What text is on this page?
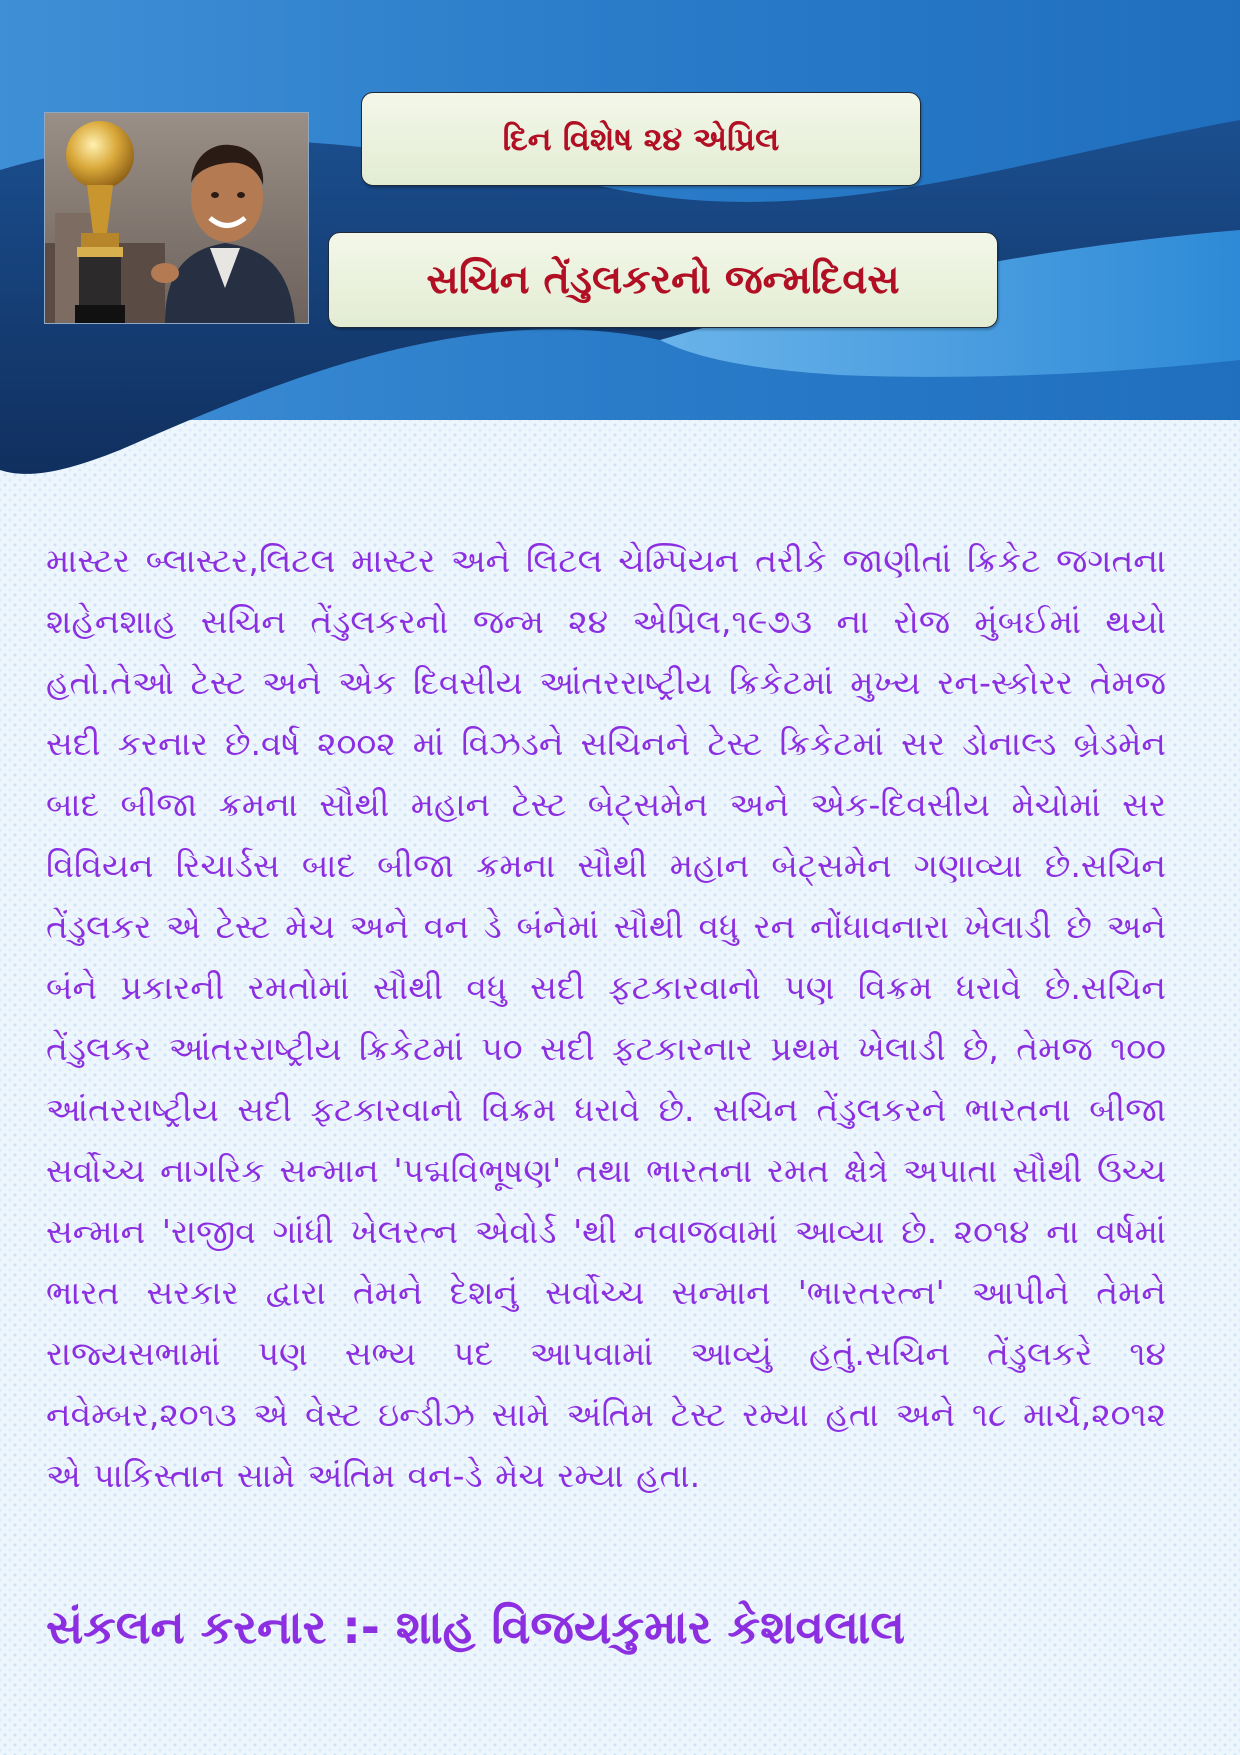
દિન વિશેષ ૨૪ એપ્રિલ
સચિન તેંડુલકરનો જન્મદિવસ
માસ્ટર બ્લાસ્ટર,લિટલ માસ્ટર અને લિટલ ચેમ્પિયન તરીકે જાણીતાં ક્રિકેટ જગતના શહેનશાહ સચિન તેંડુલકરનો જન્મ ૨૪ એપ્રિલ,૧૯૭૩ ના રોજ મુંબઈમાં થયો હતો.તેઓ ટેસ્ટ અને એક દિવસીય આંતરરાષ્ટ્રીય ક્રિકેટમાં મુખ્ય રન-સ્કોરર તેમજ સદી કરનાર છે.વર્ષ ૨૦૦૨ માં વિઝડને સચિનને ટેસ્ટ ક્રિકેટમાં સર ડોનાલ્ડ બ્રેડમેન બાદ બીજા ક્રમના સૌથી મહાન ટેસ્ટ બેટ્સમેન અને એક-દિવસીય મેચોમાં સર વિવિયન રિચાર્ડસ બાદ બીજા ક્રમના સૌથી મહાન બેટ્સમેન ગણાવ્યા છે.સચિન તેંડુલકર એ ટેસ્ટ મેચ અને વન ડે બંનેમાં સૌથી વધુ રન નોંધાવનારા ખેલાડી છે અને બંને પ્રકારની રમતોમાં સૌથી વધુ સદી ફટકારવાનો પણ વિક્રમ ધરાવે છે.સચિન તેંડુલકર આંતરરાષ્ટ્રીય ક્રિકેટમાં ૫૦ સદી ફટકારનાર પ્રથમ ખેલાડી છે, તેમજ ૧૦૦ આંતરરાષ્ટ્રીય સદી ફટકારવાનો વિક્રમ ધરાવે છે. સચિન તેંડુલકરને ભારતના બીજા સર્વોચ્ચ નાગરિક સન્માન 'પદ્મવિભૂષણ' તથા ભારતના રમત ક્ષેત્રે અપાતા સૌથી ઉચ્ચ સન્માન 'રાજીવ ગાંધી ખેલરત્ન એવોર્ડ 'થી નવાજવામાં આવ્યા છે. ૨૦૧૪ ના વર્ષમાં ભારત સરકાર દ્વારા તેમને દેશનું સર્વોચ્ચ સન્માન 'ભારતરત્ન' આપીને તેમને રાજ્યસભામાં પણ સભ્ય પદ આપવામાં આવ્યું હતું.સચિન તેંડુલકરે ૧૪ નવેમ્બર,૨૦૧૩ એ વેસ્ટ ઇન્ડીઝ સામે અંતિમ ટેસ્ટ રમ્યા હતા અને ૧૮ માર્ચ,૨૦૧૨ એ પાકિસ્તાન સામે અંતિમ વન-ડે મેચ રમ્યા હતા.
સંકલન કરનાર :- શાહ વિજયકુમાર કેશવલાલ
